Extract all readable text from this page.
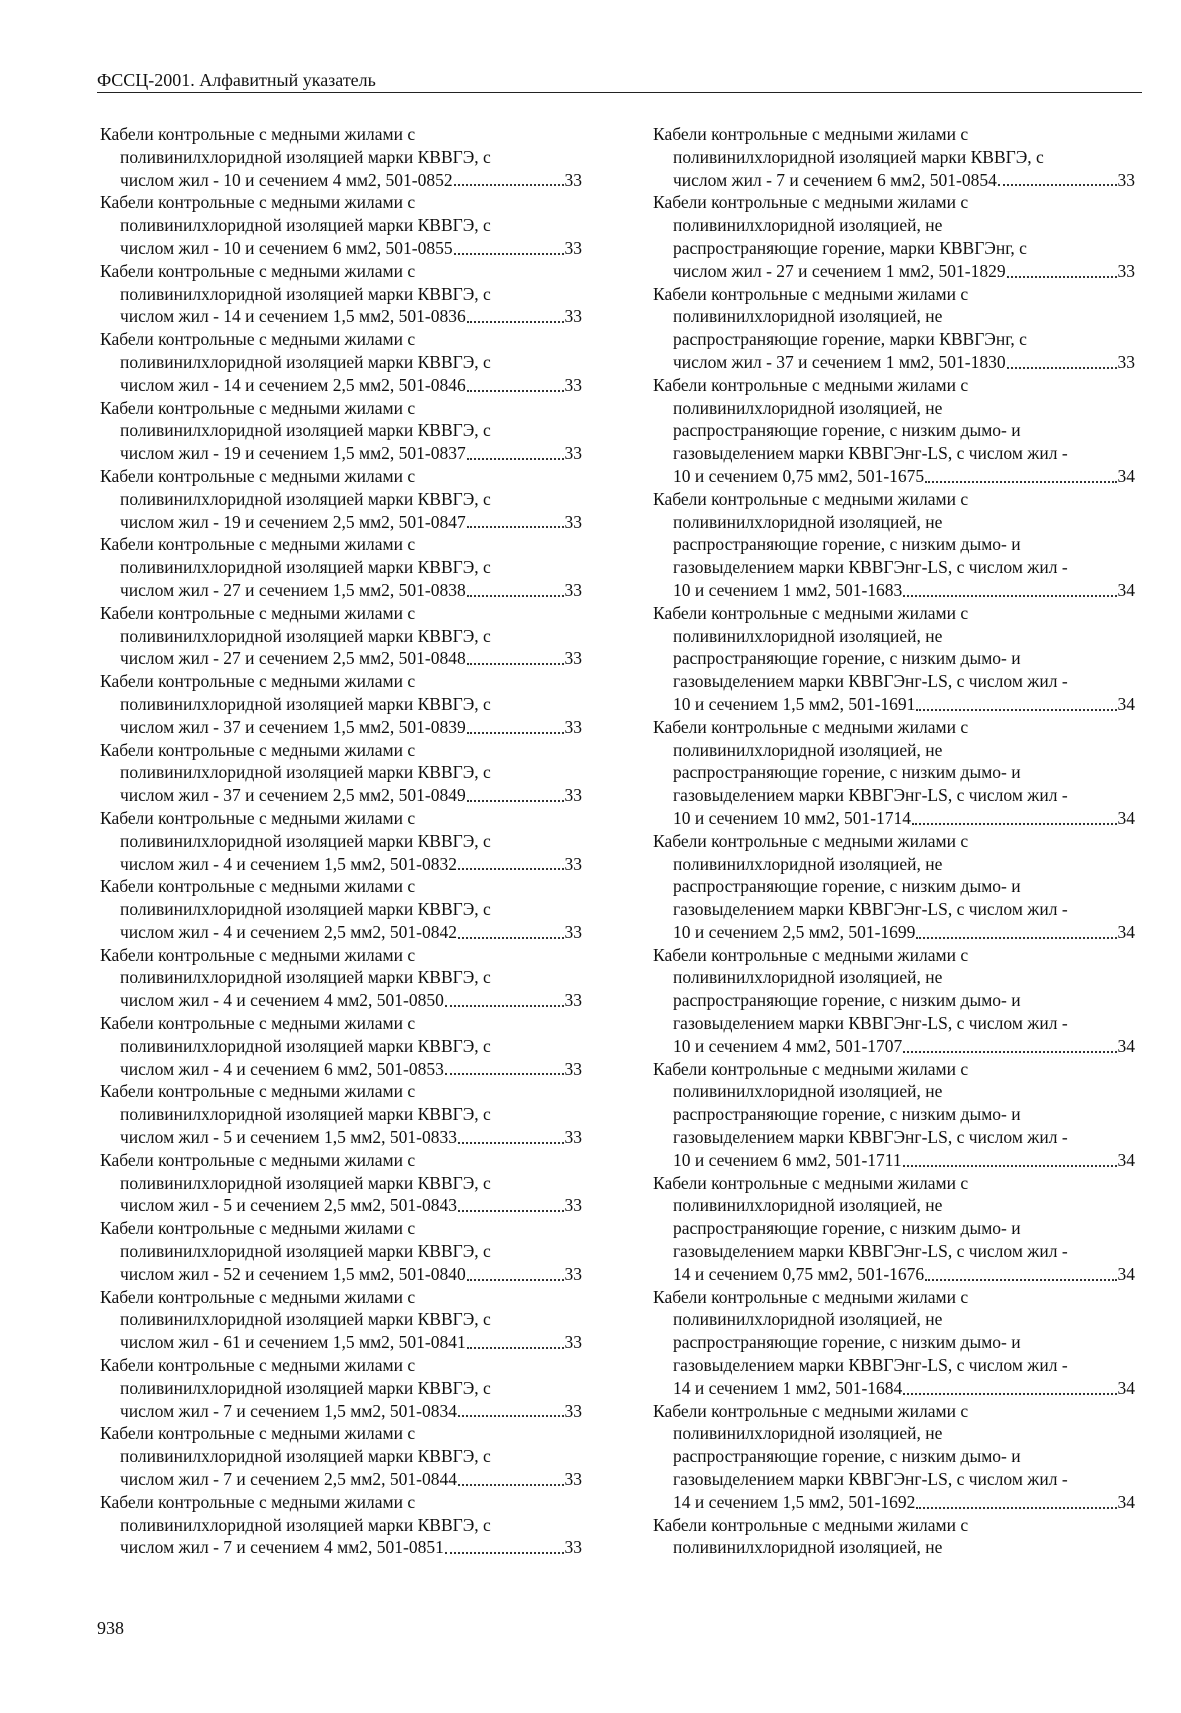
ФССЦ-2001. Алфавитный указатель
Кабели контрольные с медными жилами с
поливинилхлоридной изоляцией марки КВВГЭ, с
числом жил - 10 и сечением 4 мм2, 501-0852	33
Кабели контрольные с медными жилами с
поливинилхлоридной изоляцией марки КВВГЭ, с
числом жил - 10 и сечением 6 мм2, 501-0855	33
Кабели контрольные с медными жилами с
поливинилхлоридной изоляцией марки КВВГЭ, с
числом жил - 14 и сечением 1,5 мм2, 501-0836	33
Кабели контрольные с медными жилами с
поливинилхлоридной изоляцией марки КВВГЭ, с
числом жил - 14 и сечением 2,5 мм2, 501-0846	33
Кабели контрольные с медными жилами с
поливинилхлоридной изоляцией марки КВВГЭ, с
числом жил - 19 и сечением 1,5 мм2, 501-0837	33
Кабели контрольные с медными жилами с
поливинилхлоридной изоляцией марки КВВГЭ, с
числом жил - 19 и сечением 2,5 мм2, 501-0847	33
Кабели контрольные с медными жилами с
поливинилхлоридной изоляцией марки КВВГЭ, с
числом жил - 27 и сечением 1,5 мм2, 501-0838	33
Кабели контрольные с медными жилами с
поливинилхлоридной изоляцией марки КВВГЭ, с
числом жил - 27 и сечением 2,5 мм2, 501-0848	33
Кабели контрольные с медными жилами с
поливинилхлоридной изоляцией марки КВВГЭ, с
числом жил - 37 и сечением 1,5 мм2, 501-0839	33
Кабели контрольные с медными жилами с
поливинилхлоридной изоляцией марки КВВГЭ, с
числом жил - 37 и сечением 2,5 мм2, 501-0849	33
Кабели контрольные с медными жилами с
поливинилхлоридной изоляцией марки КВВГЭ, с
числом жил - 4 и сечением 1,5 мм2, 501-0832	33
Кабели контрольные с медными жилами с
поливинилхлоридной изоляцией марки КВВГЭ, с
числом жил - 4 и сечением 2,5 мм2, 501-0842	33
Кабели контрольные с медными жилами с
поливинилхлоридной изоляцией марки КВВГЭ, с
числом жил - 4 и сечением 4 мм2, 501-0850	33
Кабели контрольные с медными жилами с
поливинилхлоридной изоляцией марки КВВГЭ, с
числом жил - 4 и сечением 6 мм2, 501-0853	33
Кабели контрольные с медными жилами с
поливинилхлоридной изоляцией марки КВВГЭ, с
числом жил - 5 и сечением 1,5 мм2, 501-0833	33
Кабели контрольные с медными жилами с
поливинилхлоридной изоляцией марки КВВГЭ, с
числом жил - 5 и сечением 2,5 мм2, 501-0843	33
Кабели контрольные с медными жилами с
поливинилхлоридной изоляцией марки КВВГЭ, с
числом жил - 52 и сечением 1,5 мм2, 501-0840	33
Кабели контрольные с медными жилами с
поливинилхлоридной изоляцией марки КВВГЭ, с
числом жил - 61 и сечением 1,5 мм2, 501-0841	33
Кабели контрольные с медными жилами с
поливинилхлоридной изоляцией марки КВВГЭ, с
числом жил - 7 и сечением 1,5 мм2, 501-0834	33
Кабели контрольные с медными жилами с
поливинилхлоридной изоляцией марки КВВГЭ, с
числом жил - 7 и сечением 2,5 мм2, 501-0844	33
Кабели контрольные с медными жилами с
поливинилхлоридной изоляцией марки КВВГЭ, с
числом жил - 7 и сечением 4 мм2, 501-0851	33
Кабели контрольные с медными жилами с
поливинилхлоридной изоляцией марки КВВГЭ, с
числом жил - 7 и сечением 6 мм2, 501-0854	33
Кабели контрольные с медными жилами с
поливинилхлоридной изоляцией, не
распространяющие горение, марки КВВГЭнг, с
числом жил - 27 и сечением 1 мм2, 501-1829	33
Кабели контрольные с медными жилами с
поливинилхлоридной изоляцией, не
распространяющие горение, марки КВВГЭнг, с
числом жил - 37 и сечением 1 мм2, 501-1830	33
Кабели контрольные с медными жилами с
поливинилхлоридной изоляцией, не
распространяющие горение, с низким дымо- и
газовыделением марки КВВГЭнг-LS, с числом жил -
10 и сечением 0,75 мм2, 501-1675	34
Кабели контрольные с медными жилами с
поливинилхлоридной изоляцией, не
распространяющие горение, с низким дымо- и
газовыделением марки КВВГЭнг-LS, с числом жил -
10 и сечением 1 мм2, 501-1683	34
Кабели контрольные с медными жилами с
поливинилхлоридной изоляцией, не
распространяющие горение, с низким дымо- и
газовыделением марки КВВГЭнг-LS, с числом жил -
10 и сечением 1,5 мм2, 501-1691	34
Кабели контрольные с медными жилами с
поливинилхлоридной изоляцией, не
распространяющие горение, с низким дымо- и
газовыделением марки КВВГЭнг-LS, с числом жил -
10 и сечением 10 мм2, 501-1714	34
Кабели контрольные с медными жилами с
поливинилхлоридной изоляцией, не
распространяющие горение, с низким дымо- и
газовыделением марки КВВГЭнг-LS, с числом жил -
10 и сечением 2,5 мм2, 501-1699	34
Кабели контрольные с медными жилами с
поливинилхлоридной изоляцией, не
распространяющие горение, с низким дымо- и
газовыделением марки КВВГЭнг-LS, с числом жил -
10 и сечением 4 мм2, 501-1707	34
Кабели контрольные с медными жилами с
поливинилхлоридной изоляцией, не
распространяющие горение, с низким дымо- и
газовыделением марки КВВГЭнг-LS, с числом жил -
10 и сечением 6 мм2, 501-1711	34
Кабели контрольные с медными жилами с
поливинилхлоридной изоляцией, не
распространяющие горение, с низким дымо- и
газовыделением марки КВВГЭнг-LS, с числом жил -
14 и сечением 0,75 мм2, 501-1676	34
Кабели контрольные с медными жилами с
поливинилхлоридной изоляцией, не
распространяющие горение, с низким дымо- и
газовыделением марки КВВГЭнг-LS, с числом жил -
14 и сечением 1 мм2, 501-1684	34
Кабели контрольные с медными жилами с
поливинилхлоридной изоляцией, не
распространяющие горение, с низким дымо- и
газовыделением марки КВВГЭнг-LS, с числом жил -
14 и сечением 1,5 мм2, 501-1692	34
Кабели контрольные с медными жилами с
поливинилхлоридной изоляцией, не
938
